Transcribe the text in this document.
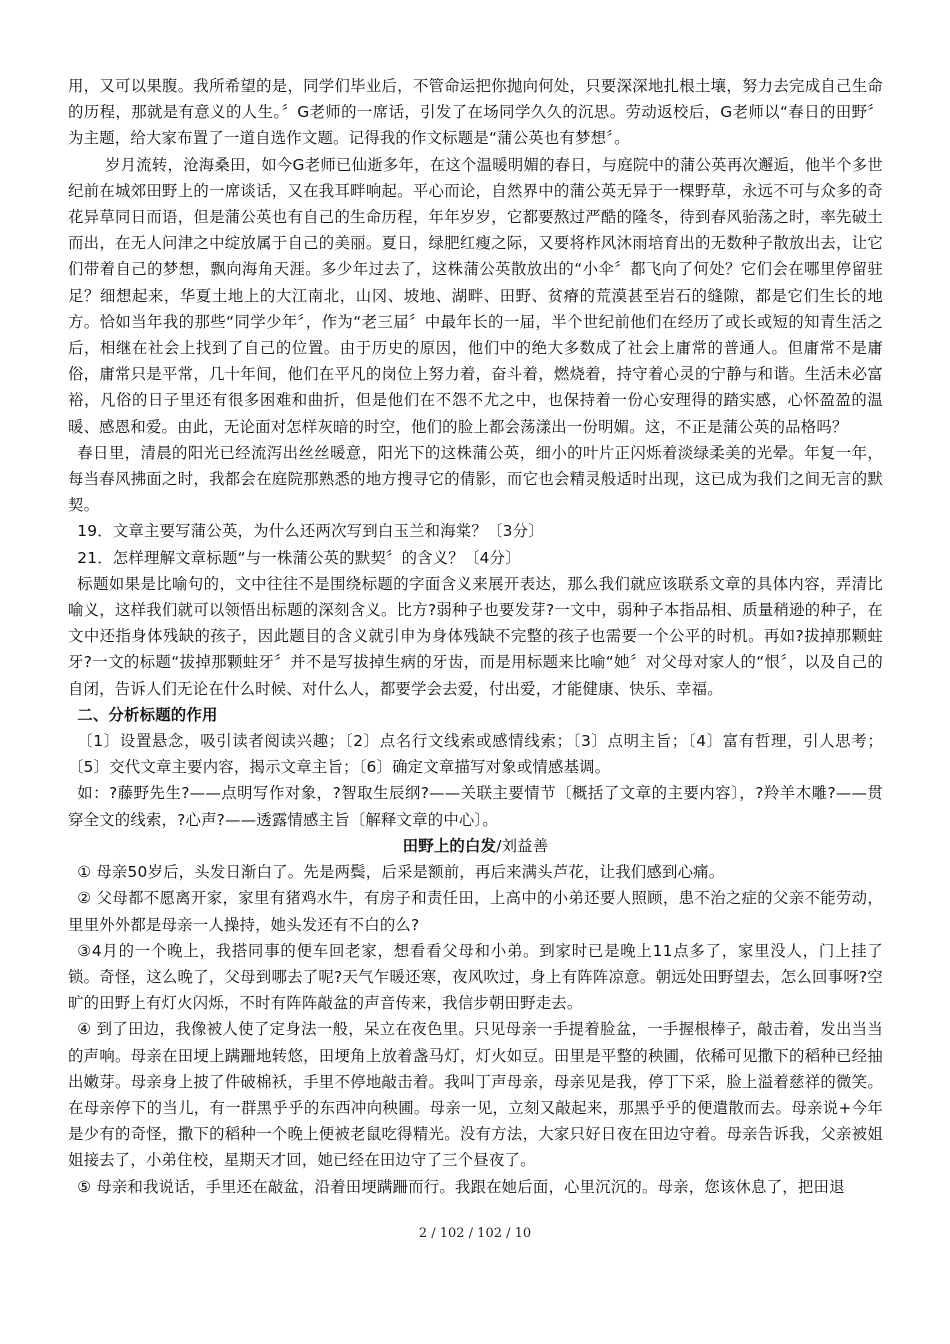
用，又可以果腹。我所希望的是，同学们毕业后，不管命运把你抛向何处，只要深深地扎根土壤，努力去完成自己生命的历程，那就是有意义的人生。〞G老师的一席话，引发了在场同学久久的沉思。劳动返校后，G老师以“春日的田野〞为主题，给大家布置了一道自选作文题。记得我的作文标题是“蒲公英也有梦想〞。

岁月流转，沧海桑田，如今G老师已仙逝多年，在这个温暖明媚的春日，与庭院中的蒲公英再次邂逅，他半个多世纪前在城郊田野上的一席谈话，又在我耳畔响起。平心而论，自然界中的蒲公英无异于一棵野草，永远不可与众多的奇花异草同日而语，但是蒲公英也有自己的生命历程，年年岁岁，它都要熬过严酷的隆冬，待到春风骀荡之时，率先破土而出，在无人问津之中绽放属于自己的美丽。夏日，绿肥红瘦之际，又要将柞风沐雨培育出的无数种子散放出去，让它们带着自己的梦想，飘向海角天涯。多少年过去了，这株蒲公英散放出的“小伞〞都飞向了何处？它们会在哪里停留驻足？细想起来，华夏土地上的大江南北，山冈、坡地、湖畔、田野、贫瘠的荒漠甚至岩石的缝隙，都是它们生长的地方。恰如当年我的那些“同学少年〞，作为“老三届〞中最年长的一届，半个世纪前他们在经历了或长或短的知青生活之后，相继在社会上找到了自己的位置。由于历史的原因，他们中的绝大多数成了社会上庸常的普通人。但庸常不是庸俗，庸常只是平常，几十年间，他们在平凡的岗位上努力着，奋斗着，燃烧着，持守着心灵的宁静与和谐。生活未必富裕，凡俗的日子里还有很多困难和曲折，但是他们在不怨不尤之中，也保持着一份心安理得的踏实感，心怀盈盈的温暖、感恩和爱。由此，无论面对怎样灰暗的时空，他们的脸上都会荡漾出一份明媚。这，不正是蒲公英的品格吗？

春日里，清晨的阳光已经流泻出丝丝暖意，阳光下的这株蒲公英，细小的叶片正闪烁着淡绿柔美的光晕。年复一年，每当春风拂面之时，我都会在庭院那熟悉的地方搜寻它的倩影，而它也会精灵般适时出现，这已成为我们之间无言的默契。

19．文章主要写蒲公英，为什么还两次写到白玉兰和海棠？〔3分〕

21．怎样理解文章标题“与一株蒲公英的默契〞的含义？〔4分〕

标题如果是比喻句的，文中往往不是围绕标题的字面含义来展开表达，那么我们就应该联系文章的具体内容，弄清比喻义，这样我们就可以领悟出标题的深刻含义。比方?弱种子也要发芽?一文中，弱种子本指品相、质量稍逊的种子，在文中还指身体残缺的孩子，因此题目的含义就引申为身体残缺不完整的孩子也需要一个公平的时机。再如?拔掉那颗蛀牙?一文的标题“拔掉那颗蛀牙〞并不是写拔掉生病的牙齿，而是用标题来比喻“她〞对父母对家人的“恨〞，以及自己的自闭，告诉人们无论在什么时候、对什么人，都要学会去爱，付出爱，才能健康、快乐、幸福。

二、分析标题的作用

〔1〕设置悬念，吸引读者阅读兴趣；〔2〕点名行文线索或感情线索；〔3〕点明主旨；〔4〕富有哲理，引人思考；〔5〕交代文章主要内容，揭示文章主旨；〔6〕确定文章描写对象或情感基调。

如：?藤野先生?——点明写作对象，?智取生辰纲?——关联主要情节〔概括了文章的主要内容〕，?羚羊木雕?——贯穿全文的线索，?心声?——透露情感主旨〔解释文章的中心〕。

田野上的白发/刘益善

① 母亲50岁后，头发日渐白了。先是两鬓，后采是额前，再后来满头芦花，让我们感到心痛。

② 父母都不愿离开家，家里有猪鸡水牛，有房子和责任田，上高中的小弟还要人照顾，患不治之症的父亲不能劳动，里里外外都是母亲一人操持，她头发还有不白的么?

③4月的一个晚上，我搭同事的便车回老家，想看看父母和小弟。到家时已是晚上11点多了，家里没人，门上挂了锁。奇怪，这么晚了，父母到哪去了呢?天气乍暖还寒，夜风吹过，身上有阵阵凉意。朝远处田野望去，怎么回事呀?空旷的田野上有灯火闪烁，不时有阵阵敲盆的声音传来，我信步朝田野走去。

④ 到了田边，我像被人使了定身法一般，呆立在夜色里。只见母亲一手提着脸盆，一手握根棒子，敲击着，发出当当的声响。母亲在田埂上蹒跚地转悠，田埂角上放着盏马灯，灯火如豆。田里是平整的秧圃，依稀可见撒下的稻种已经抽出嫩芽。母亲身上披了件破棉袄，手里不停地敲击着。我叫丁声母亲，母亲见是我，停丁下采，脸上溢着慈祥的微笑。在母亲停下的当儿，有一群黑乎乎的东西冲向秧圃。母亲一见，立刻又敲起来，那黑乎乎的便遣散而去。母亲说+今年是少有的奇怪，撒下的稻种一个晚上便被老鼠吃得精光。没有方法，大家只好日夜在田边守着。母亲告诉我，父亲被姐姐接去了，小弟住校，星期天才回，她已经在田边守了三个昼夜了。

⑤ 母亲和我说话，手里还在敲盆，沿着田埂蹒跚而行。我跟在她后面，心里沉沉的。母亲，您该休息了，把田退

2 / 102 / 102 / 10
